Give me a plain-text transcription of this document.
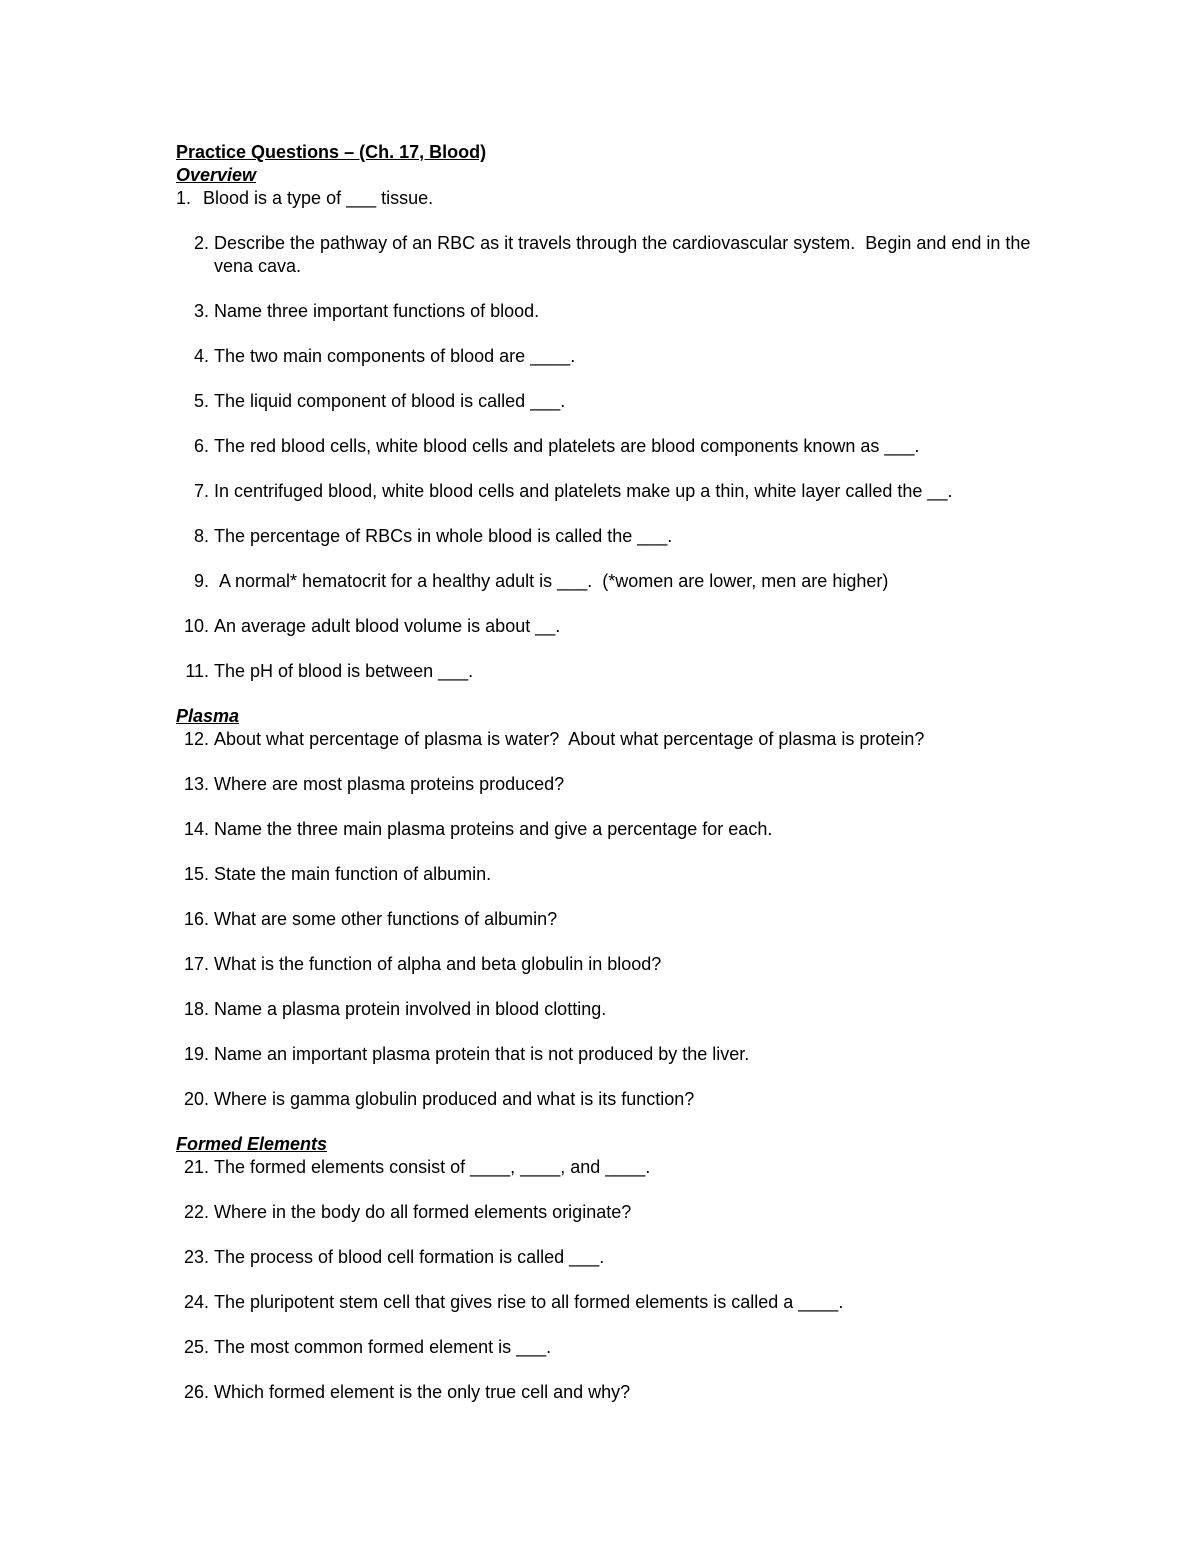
Practice Questions – (Ch. 17, Blood)

Overview

1. Blood is a type of ___ tissue.
2. Describe the pathway of an RBC as it travels through the cardiovascular system.  Begin and end in the vena cava.
3. Name three important functions of blood.
4. The two main components of blood are ____.
5. The liquid component of blood is called ___.
6. The red blood cells, white blood cells and platelets are blood components known as ___.
7. In centrifuged blood, white blood cells and platelets make up a thin, white layer called the __.
8. The percentage of RBCs in whole blood is called the ___.
9. A normal* hematocrit for a healthy adult is ___.  (*women are lower, men are higher)
10. An average adult blood volume is about __.
11. The pH of blood is between ___.

Plasma

12. About what percentage of plasma is water?  About what percentage of plasma is protein?
13. Where are most plasma proteins produced?
14. Name the three main plasma proteins and give a percentage for each.
15. State the main function of albumin.
16. What are some other functions of albumin?
17. What is the function of alpha and beta globulin in blood?
18. Name a plasma protein involved in blood clotting.
19. Name an important plasma protein that is not produced by the liver.
20. Where is gamma globulin produced and what is its function?

Formed Elements

21. The formed elements consist of ____, ____, and ____.
22. Where in the body do all formed elements originate?
23. The process of blood cell formation is called ___.
24. The pluripotent stem cell that gives rise to all formed elements is called a ____.
25. The most common formed element is ___.
26. Which formed element is the only true cell and why?
